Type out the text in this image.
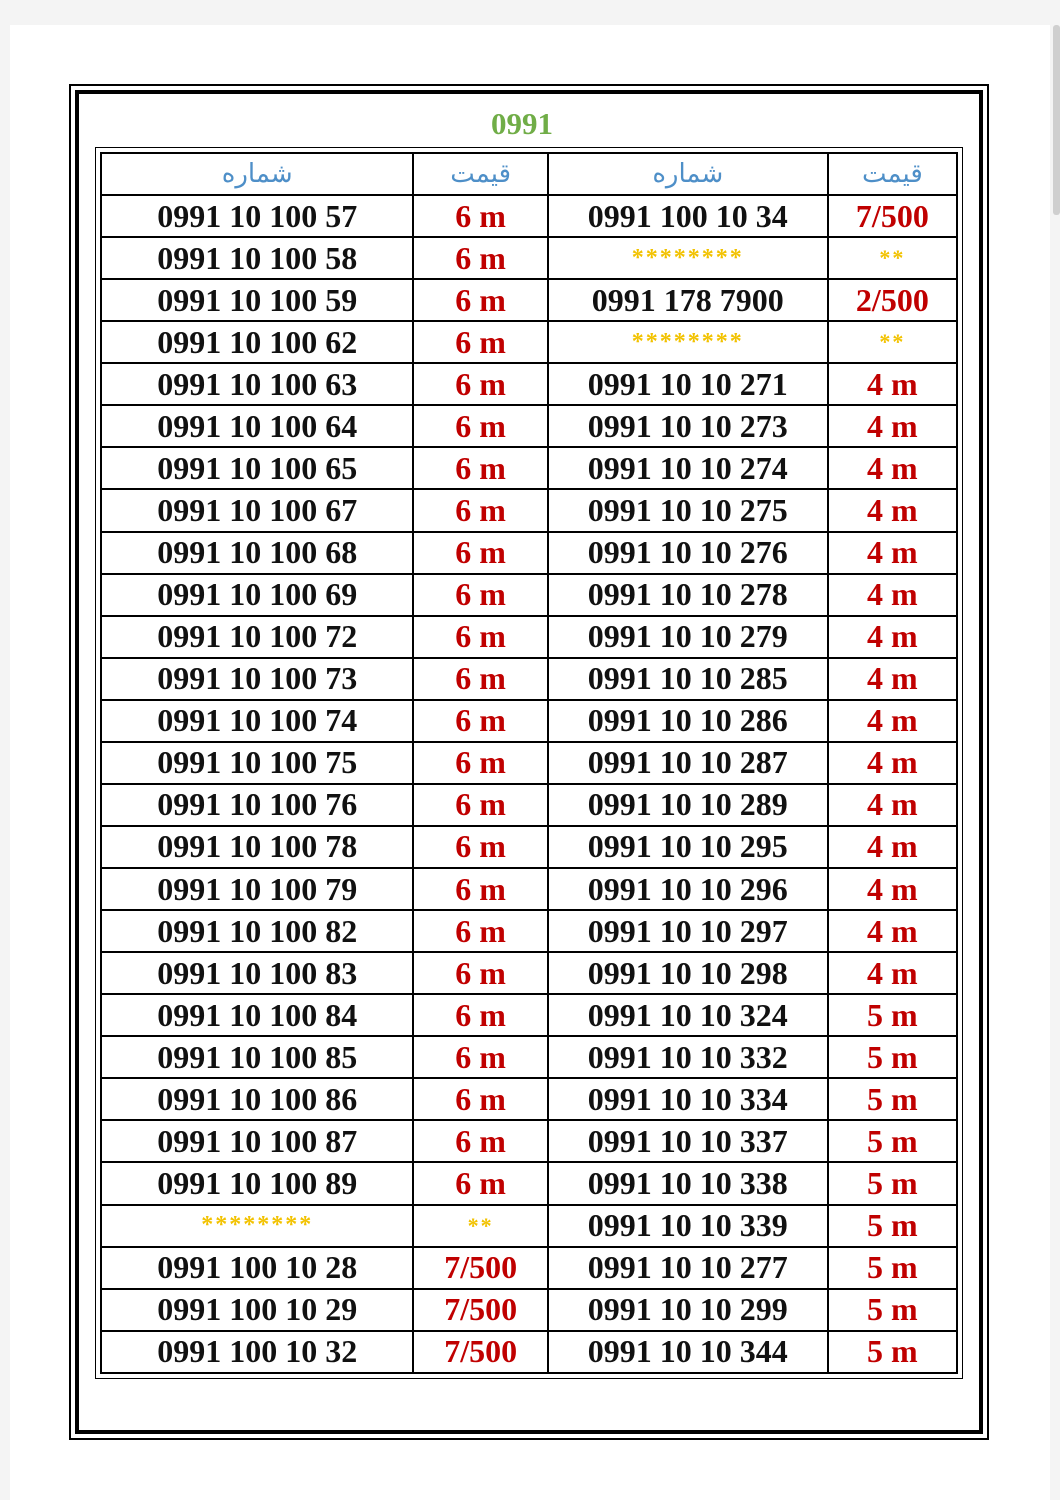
0991
شماره	قیمت	شماره	قیمت
0991 10 100 57	6 m	0991 100 10 34	7/500
0991 10 100 58	6 m	********	**
0991 10 100 59	6 m	0991 178 7900	2/500
0991 10 100 62	6 m	********	**
0991 10 100 63	6 m	0991 10 10 271	4 m
0991 10 100 64	6 m	0991 10 10 273	4 m
0991 10 100 65	6 m	0991 10 10 274	4 m
0991 10 100 67	6 m	0991 10 10 275	4 m
0991 10 100 68	6 m	0991 10 10 276	4 m
0991 10 100 69	6 m	0991 10 10 278	4 m
0991 10 100 72	6 m	0991 10 10 279	4 m
0991 10 100 73	6 m	0991 10 10 285	4 m
0991 10 100 74	6 m	0991 10 10 286	4 m
0991 10 100 75	6 m	0991 10 10 287	4 m
0991 10 100 76	6 m	0991 10 10 289	4 m
0991 10 100 78	6 m	0991 10 10 295	4 m
0991 10 100 79	6 m	0991 10 10 296	4 m
0991 10 100 82	6 m	0991 10 10 297	4 m
0991 10 100 83	6 m	0991 10 10 298	4 m
0991 10 100 84	6 m	0991 10 10 324	5 m
0991 10 100 85	6 m	0991 10 10 332	5 m
0991 10 100 86	6 m	0991 10 10 334	5 m
0991 10 100 87	6 m	0991 10 10 337	5 m
0991 10 100 89	6 m	0991 10 10 338	5 m
********	**	0991 10 10 339	5 m
0991 100 10 28	7/500	0991 10 10 277	5 m
0991 100 10 29	7/500	0991 10 10 299	5 m
0991 100 10 32	7/500	0991 10 10 344	5 m
